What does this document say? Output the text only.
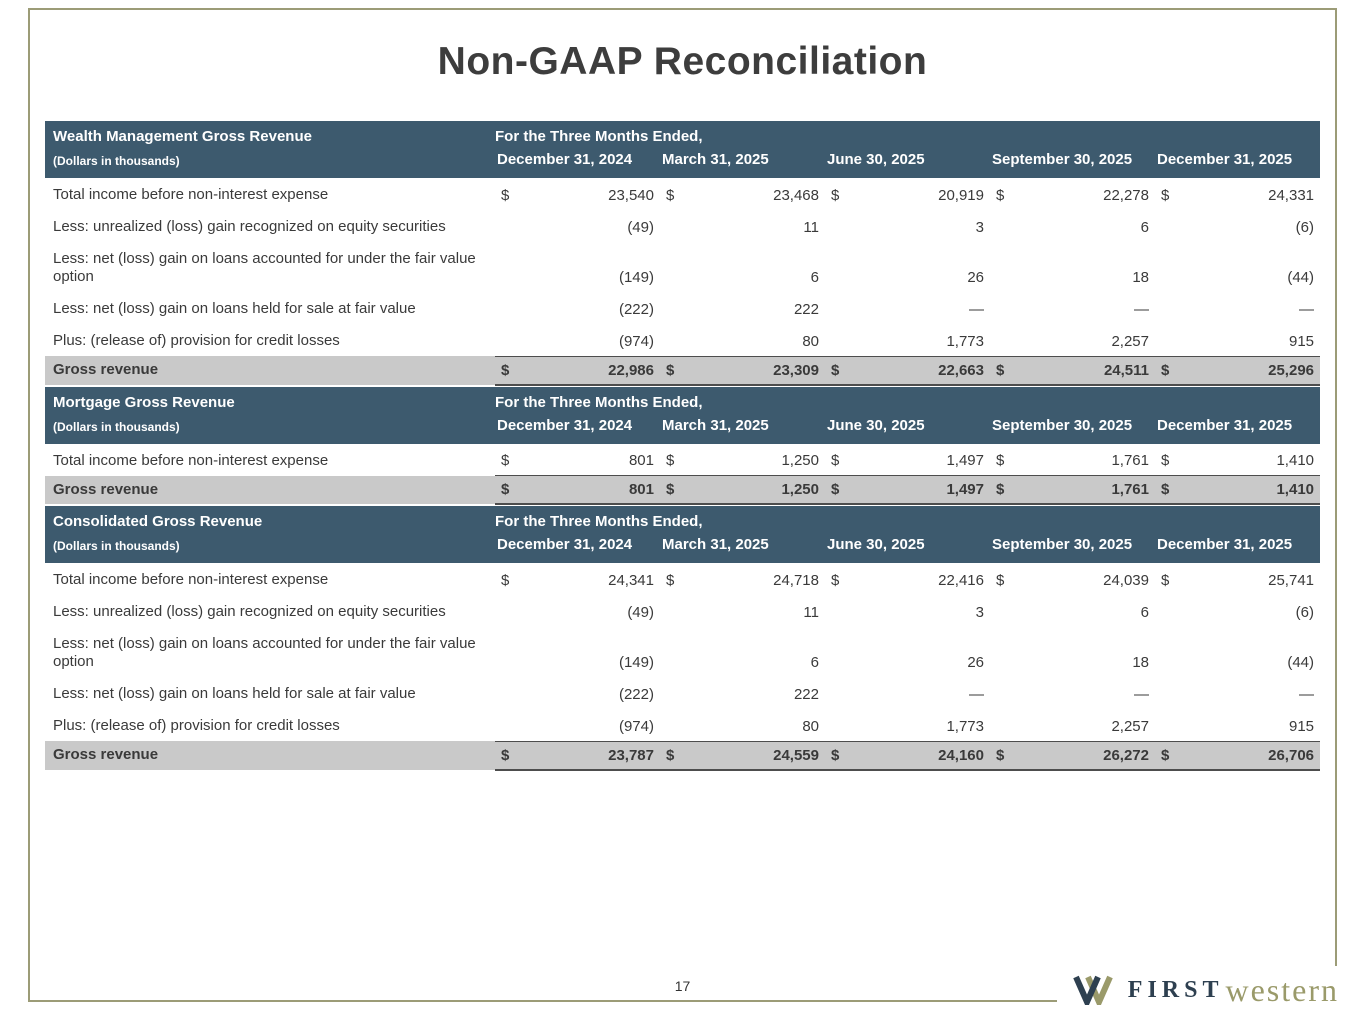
Non-GAAP Reconciliation
Wealth Management Gross Revenue	For the Three Months Ended,									
(Dollars in thousands)	December 31, 2024		March 31, 2025		June 30, 2025		September 30, 2025		December 31, 2025	
Total income before non-interest expense	$	23,540	$	23,468	$	20,919	$	22,278	$	24,331
Less: unrealized (loss) gain recognized on equity securities		(49)		11		3		6		(6)
Less: net (loss) gain on loans accounted for under the fair value option		(149)		6		26		18		(44)
Less: net (loss) gain on loans held for sale at fair value		(222)		222		—		—		—
Plus: (release of) provision for credit losses		(974)		80		1,773		2,257		915
Gross revenue	$	22,986	$	23,309	$	22,663	$	24,511	$	25,296
Mortgage Gross Revenue	For the Three Months Ended,									
(Dollars in thousands)	December 31, 2024		March 31, 2025		June 30, 2025		September 30, 2025		December 31, 2025	
Total income before non-interest expense	$	801	$	1,250	$	1,497	$	1,761	$	1,410
Gross revenue	$	801	$	1,250	$	1,497	$	1,761	$	1,410
Consolidated Gross Revenue	For the Three Months Ended,									
(Dollars in thousands)	December 31, 2024		March 31, 2025		June 30, 2025		September 30, 2025		December 31, 2025	
Total income before non-interest expense	$	24,341	$	24,718	$	22,416	$	24,039	$	25,741
Less: unrealized (loss) gain recognized on equity securities		(49)		11		3		6		(6)
Less: net (loss) gain on loans accounted for under the fair value option		(149)		6		26		18		(44)
Less: net (loss) gain on loans held for sale at fair value		(222)		222		—		—		—
Plus: (release of) provision for credit losses		(974)		80		1,773		2,257		915
Gross revenue	$	23,787	$	24,559	$	24,160	$	26,272	$	26,706
17	FIRST western
